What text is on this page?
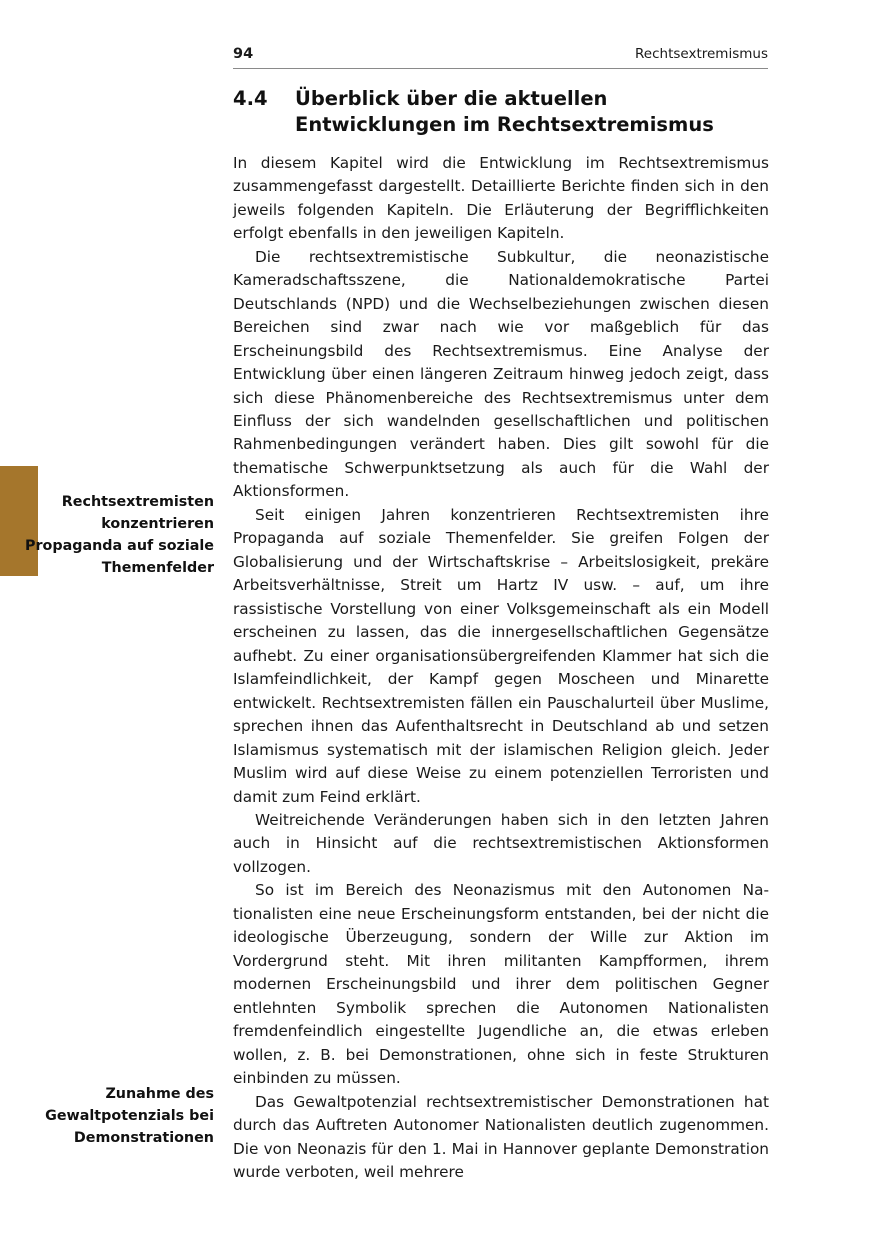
94	Rechtsextremismus
Rechtsextremisten konzentrieren Propaganda auf soziale Themenfelder
Zunahme des Gewaltpotenzials bei Demonstrationen
4.4 Überblick über die aktuellen Entwicklungen im Rechtsextremismus

In diesem Kapitel wird die Entwicklung im Rechtsextremismus zusammengefasst dargestellt. Detaillierte Berichte finden sich in den jeweils folgenden Kapiteln. Die Erläuterung der Begrifflichkeiten erfolgt ebenfalls in den jeweiligen Kapiteln.

Die rechtsextremistische Subkultur, die neonazistische Kameradschaftsszene, die Nationaldemokratische Partei Deutschlands (NPD) und die Wechselbeziehungen zwischen diesen Bereichen sind zwar nach wie vor maßgeblich für das Erscheinungsbild des Rechtsextremismus. Eine Analyse der Entwicklung über einen längeren Zeitraum hinweg jedoch zeigt, dass sich diese Phänomenbereiche des Rechtsextremismus unter dem Einfluss der sich wandelnden gesellschaftlichen und politischen Rahmenbedingungen verändert haben. Dies gilt sowohl für die thematische Schwerpunktsetzung als auch für die Wahl der Aktionsformen.

Seit einigen Jahren konzentrieren Rechtsextremisten ihre Propaganda auf soziale Themenfelder. Sie greifen Folgen der Globalisierung und der Wirtschaftskrise – Arbeitslosigkeit, prekäre Arbeitsverhältnisse, Streit um Hartz IV usw. – auf, um ihre rassistische Vorstellung von einer Volksgemeinschaft als ein Modell erscheinen zu lassen, das die innergesellschaftlichen Gegensätze aufhebt. Zu einer organisationsübergreifenden Klammer hat sich die Islamfeindlichkeit, der Kampf gegen Moscheen und Minarette entwickelt. Rechtsextremisten fällen ein Pauschalurteil über Muslime, sprechen ihnen das Aufenthaltsrecht in Deutschland ab und setzen Islamismus systematisch mit der islamischen Religion gleich. Jeder Muslim wird auf diese Weise zu einem potenziellen Terroristen und damit zum Feind erklärt.

Weitreichende Veränderungen haben sich in den letzten Jahren auch in Hinsicht auf die rechtsextremistischen Aktionsformen vollzogen.

So ist im Bereich des Neonazismus mit den Autonomen Nationalisten eine neue Erscheinungsform entstanden, bei der nicht die ideologische Überzeugung, sondern der Wille zur Aktion im Vordergrund steht. Mit ihren militanten Kampfformen, ihrem modernen Erscheinungsbild und ihrer dem politischen Gegner entlehnten Symbolik sprechen die Autonomen Nationalisten fremdenfeindlich eingestellte Jugendliche an, die etwas erleben wollen, z. B. bei Demonstrationen, ohne sich in feste Strukturen einbinden zu müssen.

Das Gewaltpotenzial rechtsextremistischer Demonstrationen hat durch das Auftreten Autonomer Nationalisten deutlich zugenommen. Die von Neonazis für den 1. Mai in Hannover geplante Demonstration wurde verboten, weil mehrere
